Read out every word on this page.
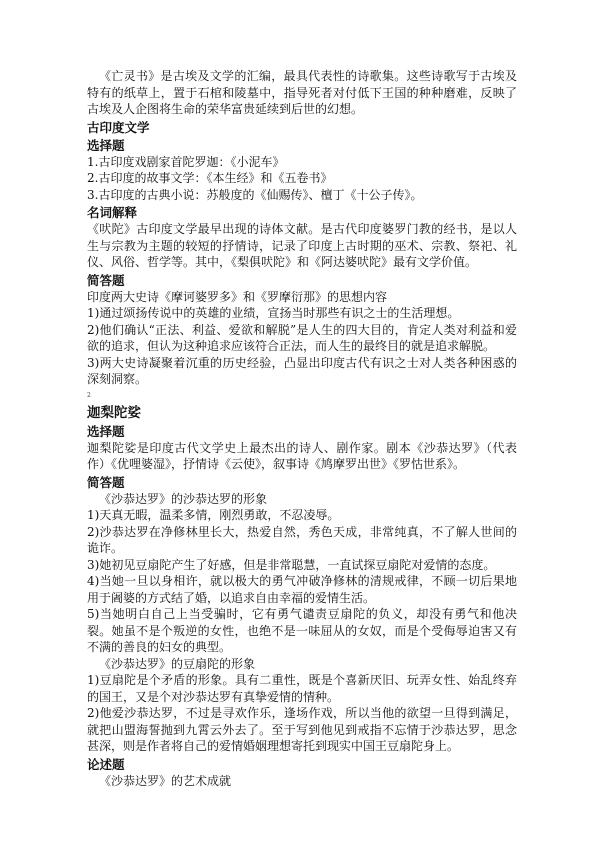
《亡灵书》是古埃及文学的汇编，最具代表性的诗歌集。这些诗歌写于古埃及特有的纸草上，置于石棺和陵墓中，指导死者对付低下王国的种种磨难，反映了古埃及人企图将生命的荣华富贵延续到后世的幻想。
古印度文学
选择题
1.古印度戏剧家首陀罗迦：《小泥车》
2.古印度的故事文学：《本生经》和《五卷书》
3.古印度的古典小说：苏般度的《仙赐传》、檀丁《十公子传》。
名词解释
《吠陀》古印度文学最早出现的诗体文献。是古代印度婆罗门教的经书，是以人生与宗教为主题的较短的抒情诗，记录了印度上古时期的巫术、宗教、祭祀、礼仪、风俗、哲学等。其中，《梨俱吠陀》和《阿达婆吠陀》最有文学价值。
简答题
印度两大史诗《摩诃婆罗多》和《罗摩衍那》的思想内容
1)通过颂扬传说中的英雄的业绩，宣扬当时那些有识之士的生活理想。
2)他们确认“正法、利益、爱欲和解脱”是人生的四大目的，肯定人类对利益和爱欲的追求，但认为这种追求应该符合正法，而人生的最终目的就是追求解脱。
3)两大史诗凝聚着沉重的历史经验，凸显出印度古代有识之士对人类各种困惑的深刻洞察。
2
迦梨陀娑
选择题
迦梨陀娑是印度古代文学史上最杰出的诗人、剧作家。剧本《沙恭达罗》（代表作）《优哩婆湿》，抒情诗《云使》，叙事诗《鸠摩罗出世》《罗怙世系》。
简答题
《沙恭达罗》的沙恭达罗的形象
1)天真无暇，温柔多情，刚烈勇敢，不忍凌辱。
2)沙恭达罗在净修林里长大，热爱自然，秀色天成，非常纯真，不了解人世间的诡诈。
3)她初见豆扇陀产生了好感，但是非常聪慧，一直试探豆扇陀对爱情的态度。
4)当她一旦以身相许，就以极大的勇气冲破净修林的清规戒律，不顾一切后果地用于阇婆的方式结了婚，以追求自由幸福的爱情生活。
5)当她明白自己上当受骗时，它有勇气谴责豆扇陀的负义，却没有勇气和他决裂。她虽不是个叛逆的女性，也绝不是一味屈从的女奴，而是个受侮辱迫害又有不满的善良的妇女的典型。
《沙恭达罗》的豆扇陀的形象
1)豆扇陀是个矛盾的形象。具有二重性，既是个喜新厌旧、玩弄女性、始乱终弃的国王，又是个对沙恭达罗有真挚爱情的情种。
2)他爱沙恭达罗，不过是寻欢作乐，逢场作戏，所以当他的欲望一旦得到满足，就把山盟海誓抛到九霄云外去了。至于写到他见到戒指不忘情于沙恭达罗，思念甚深，则是作者将自己的爱情婚姻理想寄托到现实中国王豆扇陀身上。
论述题
《沙恭达罗》的艺术成就
